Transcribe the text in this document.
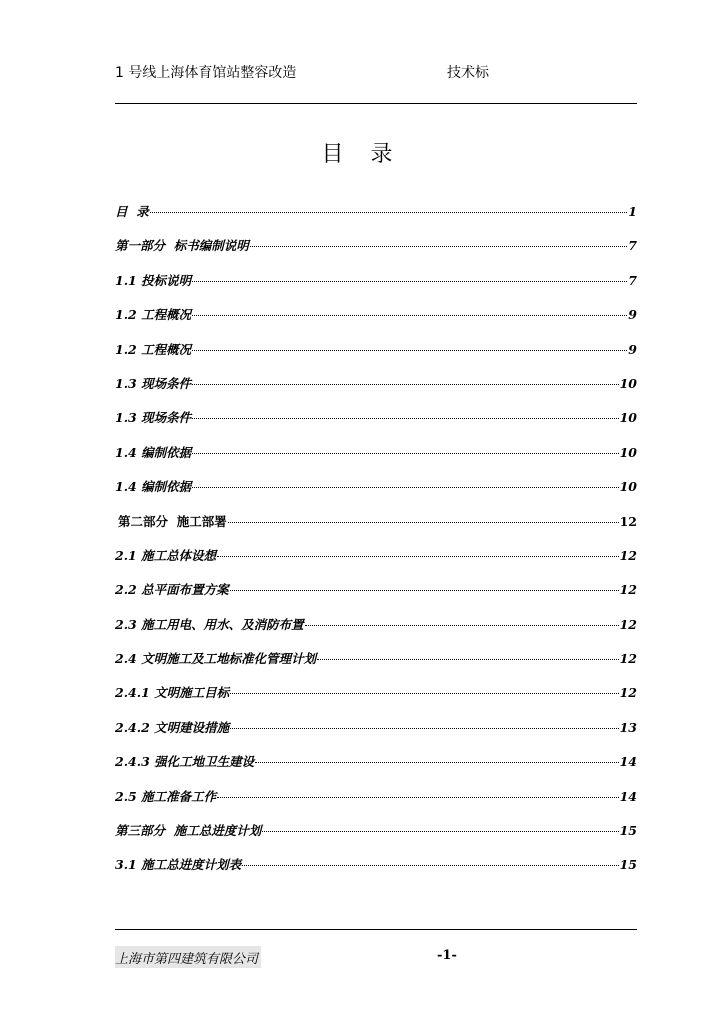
1 号线上海体育馆站整容改造	技术标
目 录
目  录	1
第一部分  标书编制说明	7
1.1 投标说明	7
1.2 工程概况	9
1.2 工程概况	9
1.3 现场条件	10
1.3 现场条件	10
1.4 编制依据	10
1.4 编制依据	10
第二部分  施工部署	12
2.1 施工总体设想	12
2.2 总平面布置方案	12
2.3 施工用电、用水、及消防布置	12
2.4 文明施工及工地标准化管理计划	12
2.4.1 文明施工目标	12
2.4.2 文明建设措施	13
2.4.3 强化工地卫生建设	14
2.5 施工准备工作	14
第三部分  施工总进度计划	15
3.1 施工总进度计划表	15
上海市第四建筑有限公司	-1-
